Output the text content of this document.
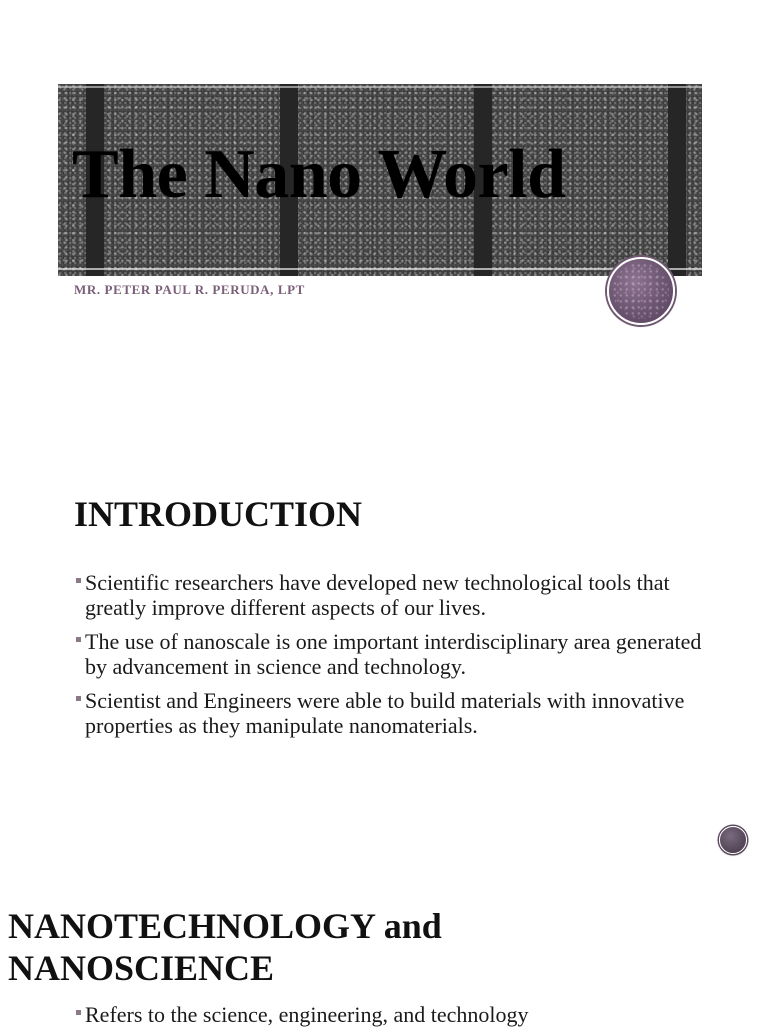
The Nano World

MR. PETER PAUL R. PERUDA, LPT

INTRODUCTION
Scientific researchers have developed new technological tools that greatly improve different aspects of our lives.
The use of nanoscale is one important interdisciplinary area generated by advancement in science and technology.
Scientist and Engineers were able to build materials with innovative properties as they manipulate nanomaterials.
NANOTECHNOLOGY and
NANOSCIENCE
Refers to the science, engineering, and technology
